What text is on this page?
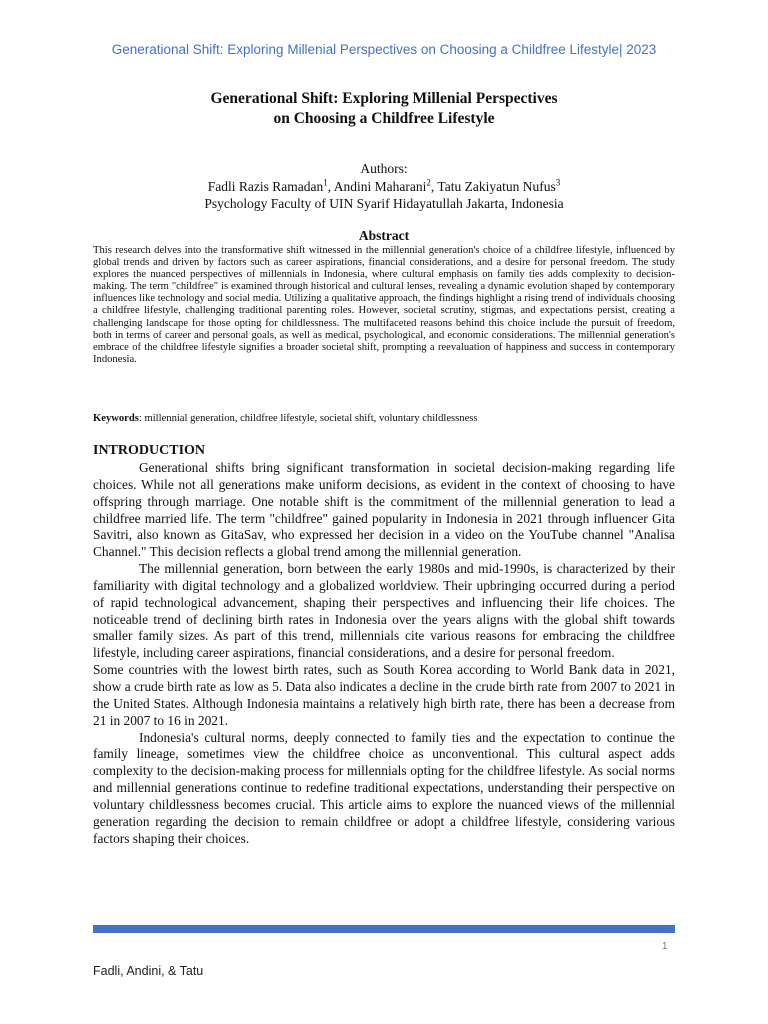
Generational Shift: Exploring Millenial Perspectives on Choosing a Childfree Lifestyle| 2023
Generational Shift: Exploring Millenial Perspectives
on Choosing a Childfree Lifestyle
Authors:
Fadli Razis Ramadan$^1$, Andini Maharani$^2$, Tatu Zakiyatun Nufus$^3$
Psychology Faculty of UIN Syarif Hidayatullah Jakarta, Indonesia
Abstract
This research delves into the transformative shift witnessed in the millennial generation's choice of a childfree lifestyle, influenced by global trends and driven by factors such as career aspirations, financial considerations, and a desire for personal freedom. The study explores the nuanced perspectives of millennials in Indonesia, where cultural emphasis on family ties adds complexity to decision-making. The term "childfree" is examined through historical and cultural lenses, revealing a dynamic evolution shaped by contemporary influences like technology and social media. Utilizing a qualitative approach, the findings highlight a rising trend of individuals choosing a childfree lifestyle, challenging traditional parenting roles. However, societal scrutiny, stigmas, and expectations persist, creating a challenging landscape for those opting for childlessness. The multifaceted reasons behind this choice include the pursuit of freedom, both in terms of career and personal goals, as well as medical, psychological, and economic considerations. The millennial generation's embrace of the childfree lifestyle signifies a broader societal shift, prompting a reevaluation of happiness and success in contemporary Indonesia.
Keywords: millennial generation, childfree lifestyle, societal shift, voluntary childlessness
INTRODUCTION

Generational shifts bring significant transformation in societal decision-making regarding life choices. While not all generations make uniform decisions, as evident in the context of choosing to have offspring through marriage. One notable shift is the commitment of the millennial generation to lead a childfree married life. The term "childfree" gained popularity in Indonesia in 2021 through influencer Gita Savitri, also known as GitaSav, who expressed her decision in a video on the YouTube channel "Analisa Channel." This decision reflects a global trend among the millennial generation.

The millennial generation, born between the early 1980s and mid-1990s, is characterized by their familiarity with digital technology and a globalized worldview. Their upbringing occurred during a period of rapid technological advancement, shaping their perspectives and influencing their life choices. The noticeable trend of declining birth rates in Indonesia over the years aligns with the global shift towards smaller family sizes. As part of this trend, millennials cite various reasons for embracing the childfree lifestyle, including career aspirations, financial considerations, and a desire for personal freedom.

Some countries with the lowest birth rates, such as South Korea according to World Bank data in 2021, show a crude birth rate as low as 5. Data also indicates a decline in the crude birth rate from 2007 to 2021 in the United States. Although Indonesia maintains a relatively high birth rate, there has been a decrease from 21 in 2007 to 16 in 2021.

Indonesia's cultural norms, deeply connected to family ties and the expectation to continue the family lineage, sometimes view the childfree choice as unconventional. This cultural aspect adds complexity to the decision-making process for millennials opting for the childfree lifestyle. As social norms and millennial generations continue to redefine traditional expectations, understanding their perspective on voluntary childlessness becomes crucial. This article aims to explore the nuanced views of the millennial generation regarding the decision to remain childfree or adopt a childfree lifestyle, considering various factors shaping their choices.

1
Fadli, Andini, & Tatu
